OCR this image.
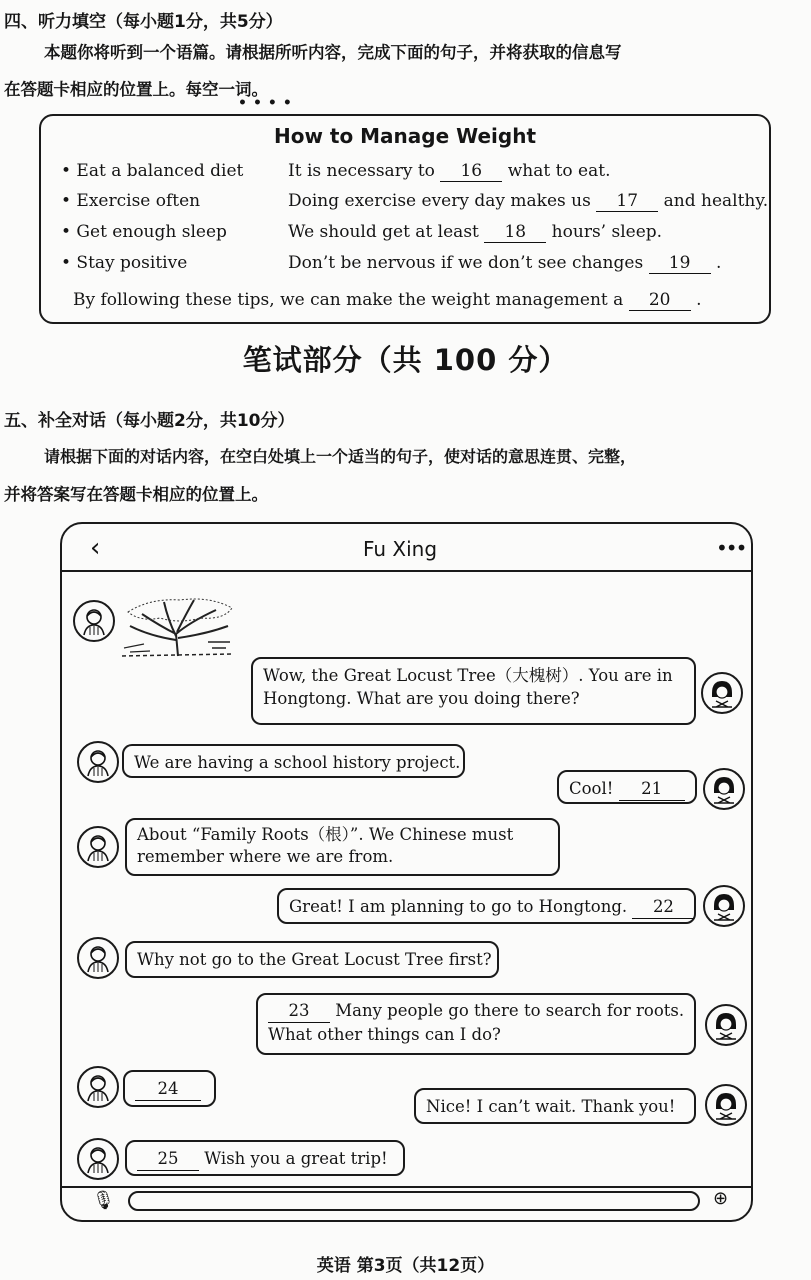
四、听力填空（每小题1分，共5分）
本题你将听到一个语篇。请根据所听内容，完成下面的句子，并将获取的信息写
在答题卡相应的位置上。每空一词。
••••
How to Manage Weight
• Eat a balanced diet	It is necessary to 16 what to eat.
• Exercise often	Doing exercise every day makes us 17 and healthy.
• Get enough sleep	We should get at least 18 hours’ sleep.
• Stay positive	Don’t be nervous if we don’t see changes 19 .
By following these tips, we can make the weight management a 20 .
笔试部分（共 100 分）
五、补全对话（每小题2分，共10分）
请根据下面的对话内容，在空白处填上一个适当的句子，使对话的意思连贯、完整，
并将答案写在答题卡相应的位置上。
‹	Fu Xing	•••
Wow, the Great Locust Tree（大槐树）. You are in
Hongtong. What are you doing there?
We are having a school history project.
Cool! 21
About “Family Roots（根）”. We Chinese must
remember where we are from.
Great! I am planning to go to Hongtong. 22
Why not go to the Great Locust Tree first?
23 Many people go there to search for roots.
What other things can I do?
24
Nice! I can’t wait. Thank you!
25 Wish you a great trip!
🎙	⊕
英语 第3页（共12页）
